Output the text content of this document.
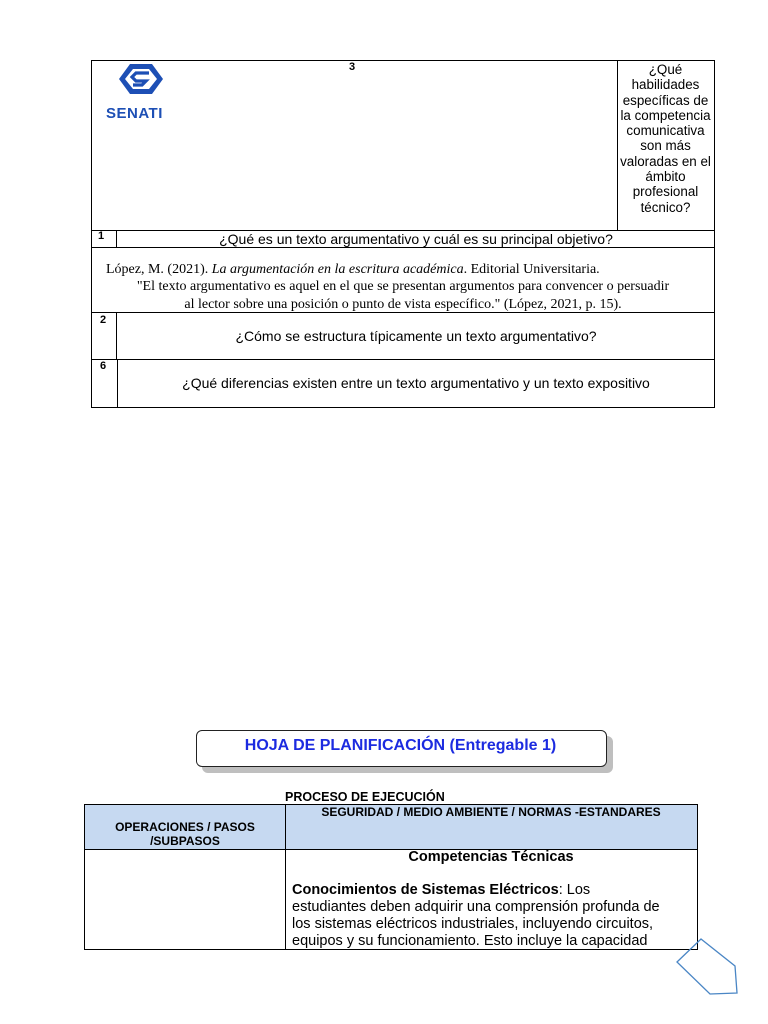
SENATI
3	¿Qué habilidades específicas de la competencia comunicativa son más valoradas en el ámbito profesional técnico?
1	¿Qué es un texto argumentativo y cuál es su principal objetivo?
López, M. (2021). La argumentación en la escritura académica. Editorial Universitaria.
"El texto argumentativo es aquel en el que se presentan argumentos para convencer o persuadir
al lector sobre una posición o punto de vista específico." (López, 2021, p. 15).
2
¿Cómo se estructura típicamente un texto argumentativo?
6
¿Qué diferencias existen entre un texto argumentativo y un texto expositivo
HOJA DE PLANIFICACIÓN (Entregable 1)
PROCESO DE EJECUCIÓN
OPERACIONES / PASOS /SUBPASOS
SEGURIDAD / MEDIO AMBIENTE / NORMAS -ESTANDARES
Competencias Técnicas
Conocimientos de Sistemas Eléctricos: Los
estudiantes deben adquirir una comprensión profunda de
los sistemas eléctricos industriales, incluyendo circuitos,
equipos y su funcionamiento. Esto incluye la capacidad
